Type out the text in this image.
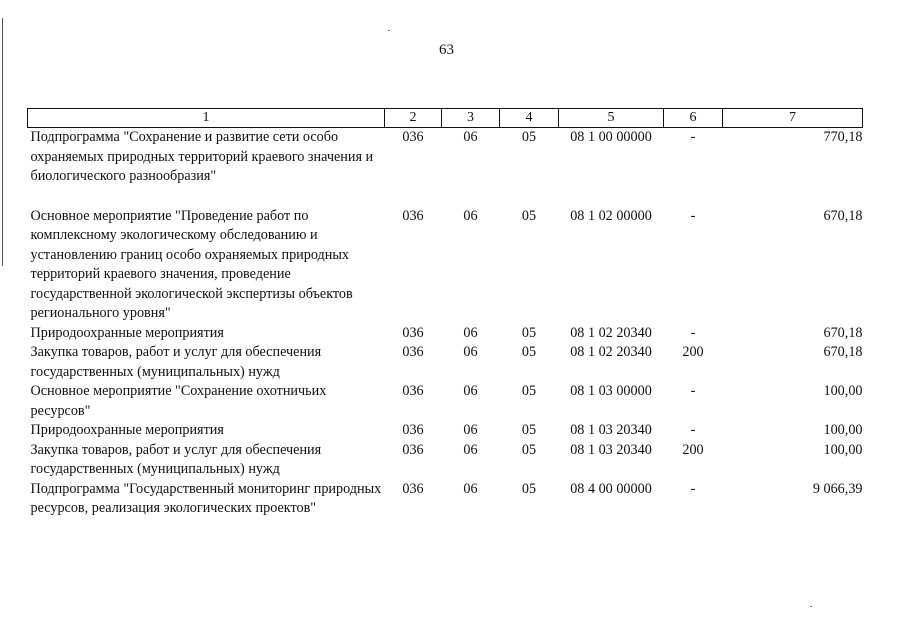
63
1	2	3	4	5	6	7
Подпрограмма "Сохранение и развитие сети особо охраняемых природных территорий краевого значения и биологического разнообразия"	036	06	05	08 1 00 00000	-	770,18
Основное мероприятие "Проведение работ по комплексному экологическому обследованию и установлению границ особо охраняемых природных территорий краевого значения, проведение государственной экологической экспертизы объектов регионального уровня"	036	06	05	08 1 02 00000	-	670,18
Природоохранные мероприятия	036	06	05	08 1 02 20340	-	670,18
Закупка товаров, работ и услуг для обеспечения государственных (муниципальных) нужд	036	06	05	08 1 02 20340	200	670,18
Основное мероприятие "Сохранение охотничьих ресурсов"	036	06	05	08 1 03 00000	-	100,00
Природоохранные мероприятия	036	06	05	08 1 03 20340	-	100,00
Закупка товаров, работ и услуг для обеспечения государственных (муниципальных) нужд	036	06	05	08 1 03 20340	200	100,00
Подпрограмма "Государственный мониторинг природных ресурсов, реализация экологических проектов"	036	06	05	08 4 00 00000	-	9 066,39
